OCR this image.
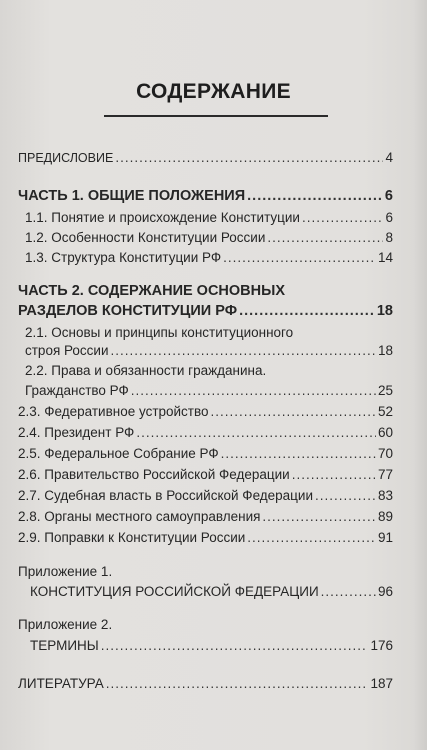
СОДЕРЖАНИЕ
ПРЕДИСЛОВИЕ .....	4
ЧАСТЬ 1. ОБЩИЕ ПОЛОЖЕНИЯ .....	6
1.1. Понятие и происхождение Конституции .....	6
1.2. Особенности Конституции России .....	8
1.3. Структура Конституции РФ .....	14
ЧАСТЬ 2. СОДЕРЖАНИЕ ОСНОВНЫХ
РАЗДЕЛОВ КОНСТИТУЦИИ РФ .....	18
2.1. Основы и принципы конституционного
строя России .....	18
2.2. Права и обязанности гражданина.
Гражданство РФ .....	25
2.3. Федеративное устройство .....	52
2.4. Президент РФ .....	60
2.5. Федеральное Собрание РФ .....	70
2.6. Правительство Российской Федерации .....	77
2.7. Судебная власть в Российской Федерации .....	83
2.8. Органы местного самоуправления .....	89
2.9. Поправки к Конституции России .....	91
Приложение 1.
КОНСТИТУЦИЯ РОССИЙСКОЙ ФЕДЕРАЦИИ .....	96
Приложение 2.
ТЕРМИНЫ .....	176
ЛИТЕРАТУРА .....	187
